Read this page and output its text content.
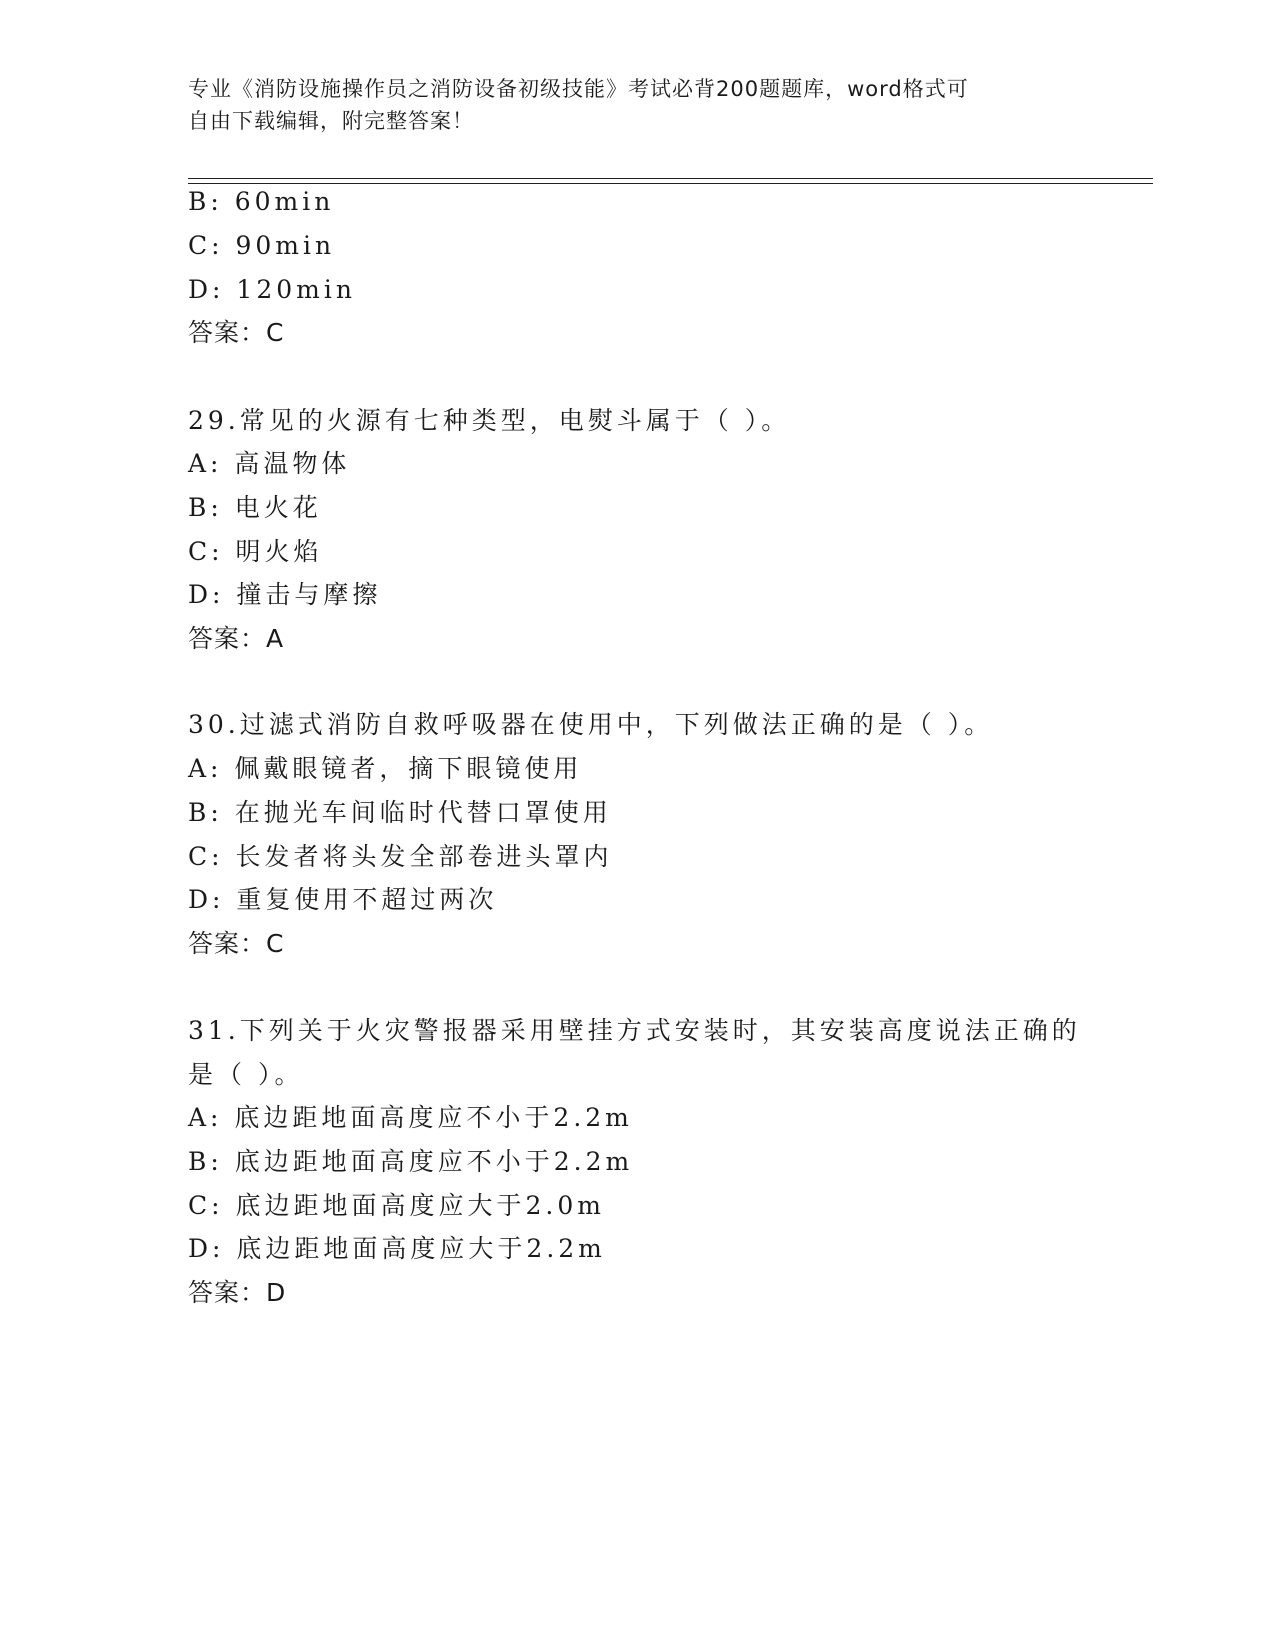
专业《消防设施操作员之消防设备初级技能》考试必背200题题库，word格式可
自由下载编辑，附完整答案！
B: 60min
C: 90min
D: 120min
答案：C
29.常见的火源有七种类型，电熨斗属于（ ）。
A: 高温物体
B: 电火花
C: 明火焰
D: 撞击与摩擦
答案：A
30.过滤式消防自救呼吸器在使用中，下列做法正确的是（ ）。
A: 佩戴眼镜者，摘下眼镜使用
B: 在抛光车间临时代替口罩使用
C: 长发者将头发全部卷进头罩内
D: 重复使用不超过两次
答案：C
31.下列关于火灾警报器采用壁挂方式安装时，其安装高度说法正确的
是（ ）。
A: 底边距地面高度应不小于2.2m
B: 底边距地面高度应不小于2.2m
C: 底边距地面高度应大于2.0m
D: 底边距地面高度应大于2.2m
答案：D
